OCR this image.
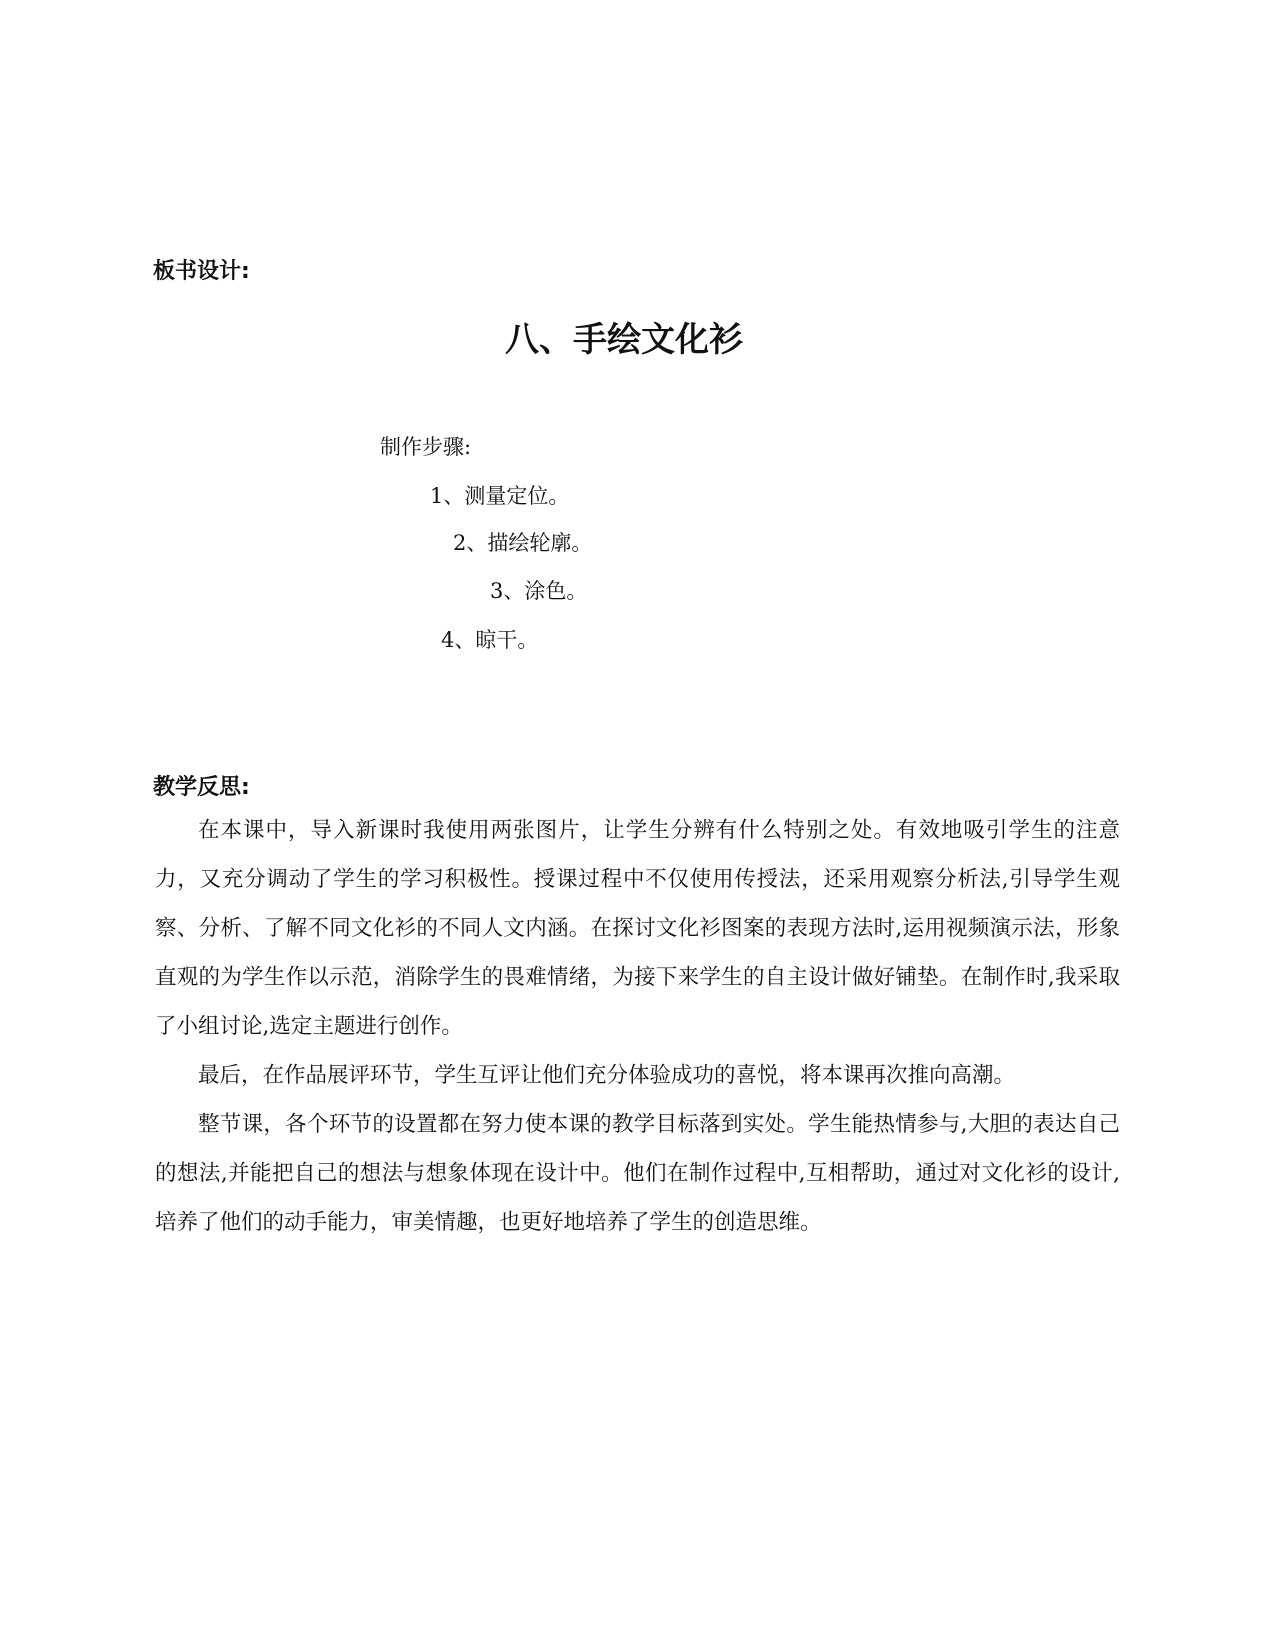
板书设计:
八、手绘文化衫
制作步骤:
1、测量定位。
2、描绘轮廓。
3、涂色。
4、晾干。
教学反思:

在本课中，导入新课时我使用两张图片，让学生分辨有什么特别之处。有效地吸引学生的注意力，又充分调动了学生的学习积极性。授课过程中不仅使用传授法，还采用观察分析法,引导学生观察、分析、了解不同文化衫的不同人文内涵。在探讨文化衫图案的表现方法时,运用视频演示法，形象直观的为学生作以示范，消除学生的畏难情绪，为接下来学生的自主设计做好铺垫。在制作时,我采取了小组讨论,选定主题进行创作。

最后，在作品展评环节，学生互评让他们充分体验成功的喜悦，将本课再次推向高潮。

整节课，各个环节的设置都在努力使本课的教学目标落到实处。学生能热情参与,大胆的表达自己的想法,并能把自己的想法与想象体现在设计中。他们在制作过程中,互相帮助，通过对文化衫的设计,培养了他们的动手能力，审美情趣，也更好地培养了学生的创造思维。
